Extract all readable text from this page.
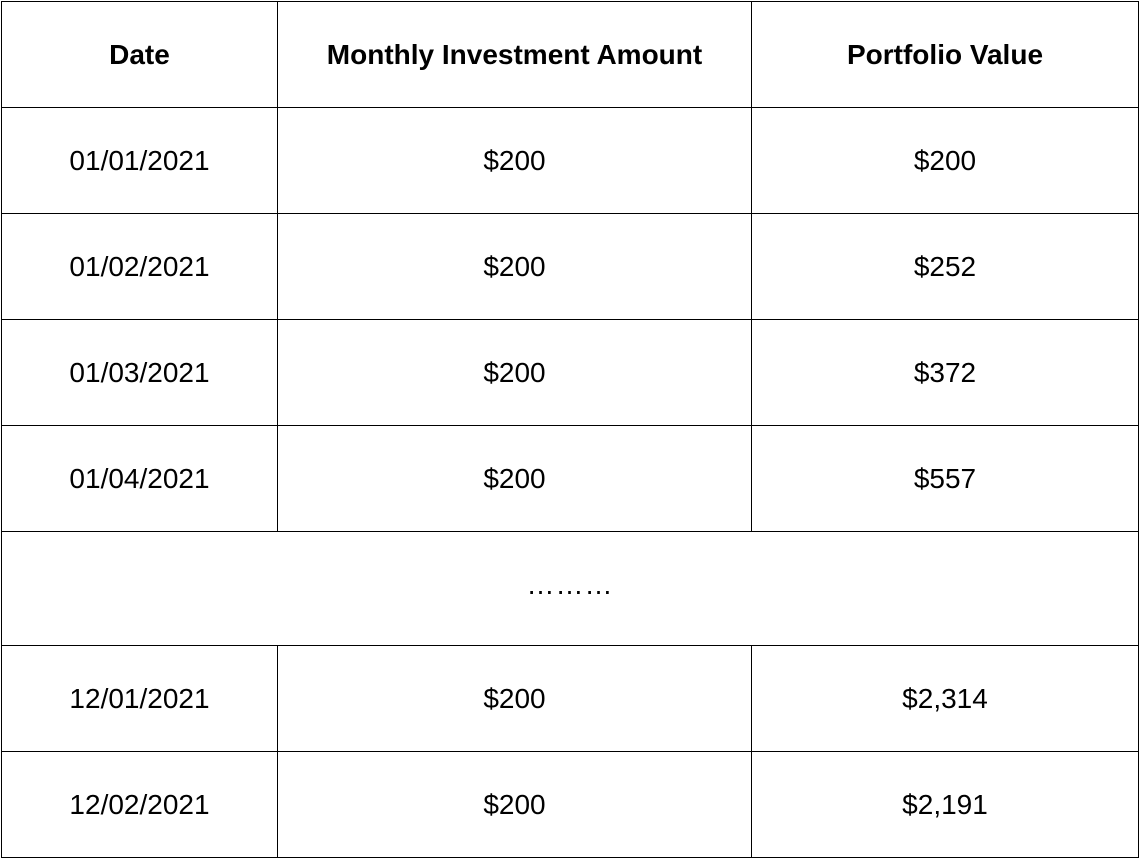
Date	Monthly Investment Amount	Portfolio Value
01/01/2021	$200	$200
01/02/2021	$200	$252
01/03/2021	$200	$372
01/04/2021	$200	$557
………		
12/01/2021	$200	$2,314
12/02/2021	$200	$2,191
